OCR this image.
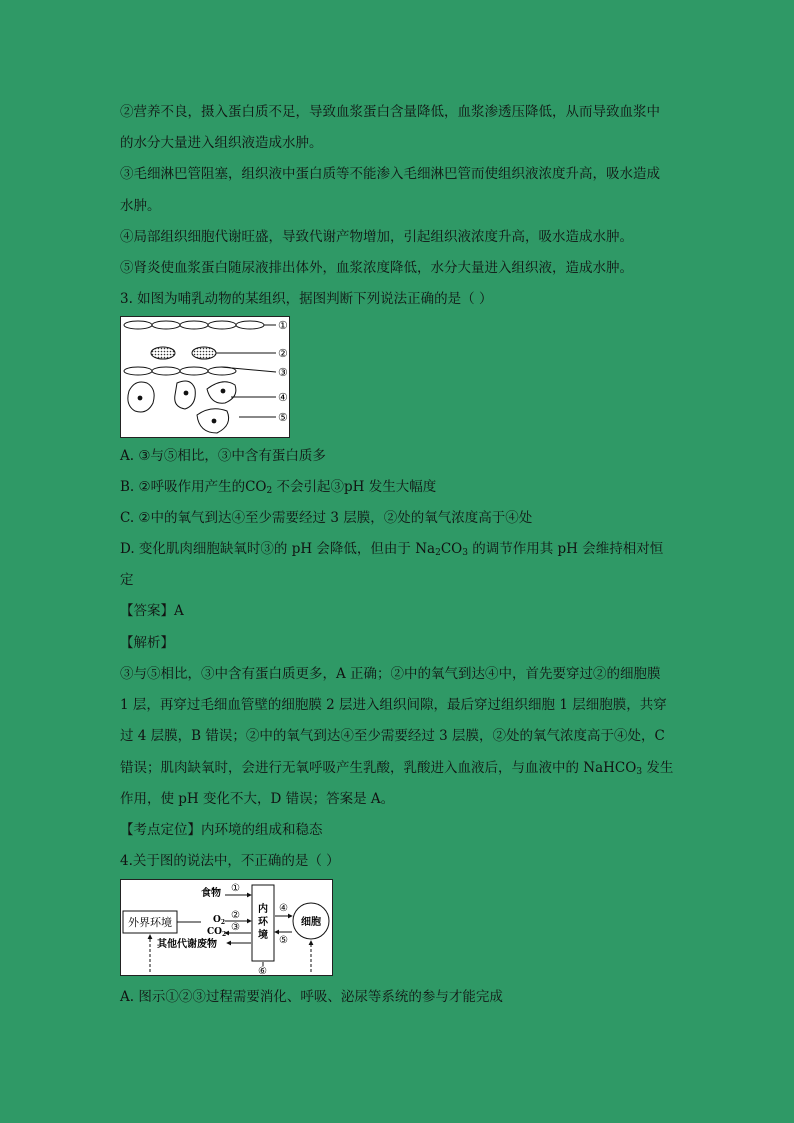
②营养不良，摄入蛋白质不足，导致血浆蛋白含量降低，血浆渗透压降低，从而导致血浆中
的水分大量进入组织液造成水肿。
③毛细淋巴管阻塞，组织液中蛋白质等不能渗入毛细淋巴管而使组织液浓度升高，吸水造成
水肿。
④局部组织细胞代谢旺盛，导致代谢产物增加，引起组织液浓度升高，吸水造成水肿。
⑤肾炎使血浆蛋白随尿液排出体外，血浆浓度降低，水分大量进入组织液，造成水肿。
3. 如图为哺乳动物的某组织，据图判断下列说法正确的是（ ）
①
②
③
④
⑤
A. ③与⑤相比，③中含有蛋白质多
B. ②呼吸作用产生的$CO_2$ 不会引起③pH 发生大幅度
C. ②中的氧气到达④至少需要经过 3 层膜，②处的氧气浓度高于④处
D. 变化肌肉细胞缺氧时③的 pH 会降低，但由于 $Na_2CO_3$ 的调节作用其 pH 会维持相对恒
定
【答案】A
【解析】
③与⑤相比，③中含有蛋白质更多，A 正确；②中的氧气到达④中，首先要穿过②的细胞膜
1 层，再穿过毛细血管壁的细胞膜 2 层进入组织间隙，最后穿过组织细胞 1 层细胞膜，共穿
过 4 层膜，B 错误；②中的氧气到达④至少需要经过 3 层膜，②处的氧气浓度高于④处，C
错误；肌肉缺氧时，会进行无氧呼吸产生乳酸，乳酸进入血液后，与血液中的 NaHCO$_3$ 发生
作用，使 pH 变化不大，D 错误；答案是 A。
【考点定位】内环境的组成和稳态
4.关于图的说法中，不正确的是（ ）
外界环境
内
环
境
食物 ①
$O_2$
②
$CO_2$
③
其他代谢废物
细胞
④
⑤
⑥
A. 图示①②③过程需要消化、呼吸、泌尿等系统的参与才能完成
